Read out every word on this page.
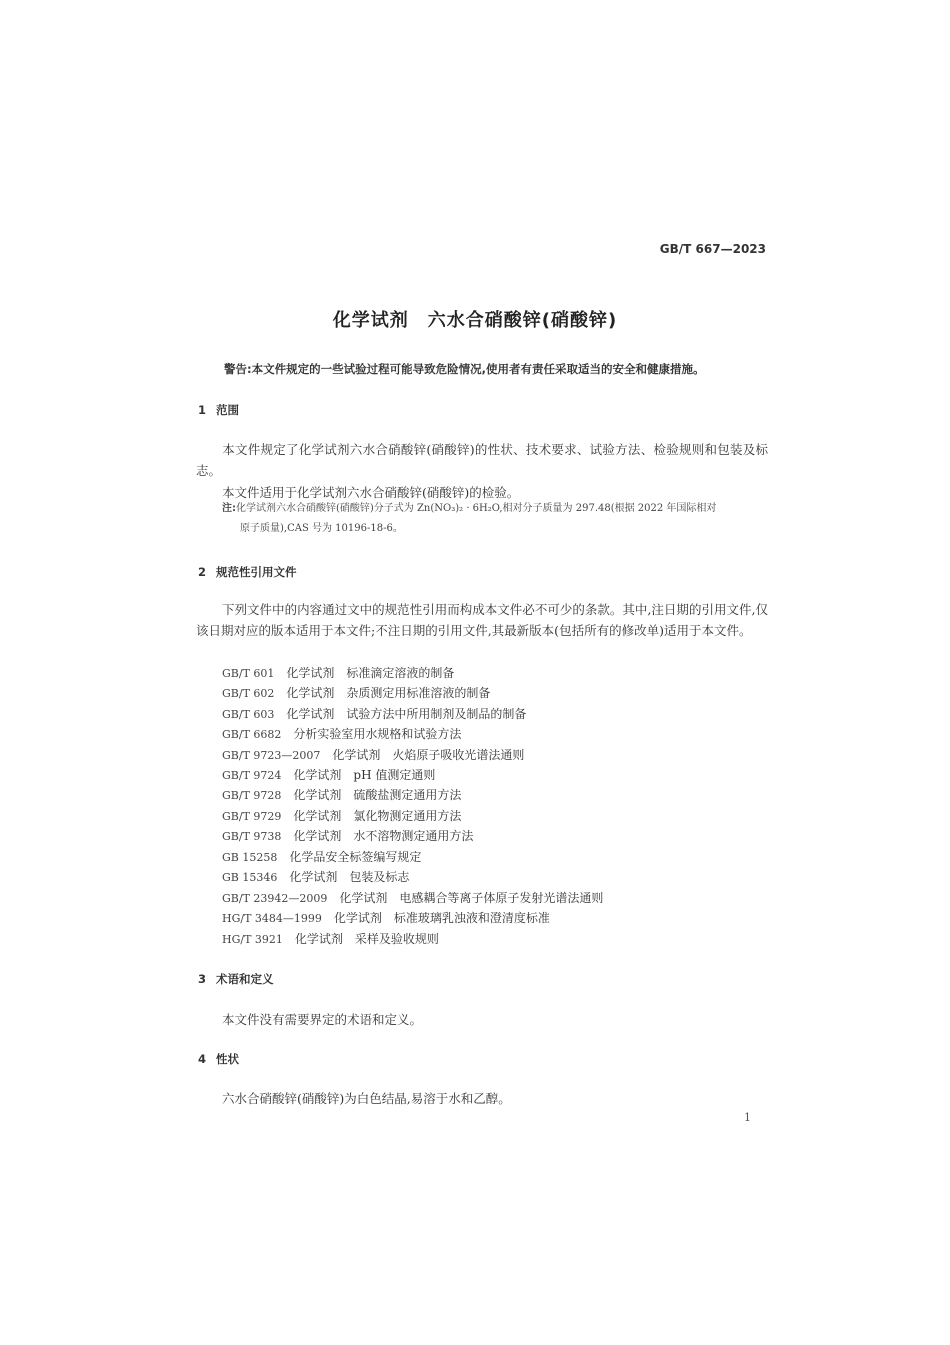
GB/T 667—2023
化学试剂　六水合硝酸锌(硝酸锌)
警告:本文件规定的一些试验过程可能导致危险情况,使用者有责任采取适当的安全和健康措施。
1 范围
本文件规定了化学试剂六水合硝酸锌(硝酸锌)的性状、技术要求、试验方法、检验规则和包装及标志。
本文件适用于化学试剂六水合硝酸锌(硝酸锌)的检验。
注:化学试剂六水合硝酸锌(硝酸锌)分子式为 Zn(NO₃)₂ · 6H₂O,相对分子质量为 297.48(根据 2022 年国际相对
原子质量),CAS 号为 10196-18-6。
2 规范性引用文件
下列文件中的内容通过文中的规范性引用而构成本文件必不可少的条款。其中,注日期的引用文件,仅该日期对应的版本适用于本文件;不注日期的引用文件,其最新版本(包括所有的修改单)适用于本文件。
GB/T 601 化学试剂　标准滴定溶液的制备
GB/T 602 化学试剂　杂质测定用标准溶液的制备
GB/T 603 化学试剂　试验方法中所用制剂及制品的制备
GB/T 6682 分析实验室用水规格和试验方法
GB/T 9723—2007 化学试剂　火焰原子吸收光谱法通则
GB/T 9724 化学试剂　pH 值测定通则
GB/T 9728 化学试剂　硫酸盐测定通用方法
GB/T 9729 化学试剂　氯化物测定通用方法
GB/T 9738 化学试剂　水不溶物测定通用方法
GB 15258 化学品安全标签编写规定
GB 15346 化学试剂　包装及标志
GB/T 23942—2009 化学试剂　电感耦合等离子体原子发射光谱法通则
HG/T 3484—1999 化学试剂　标准玻璃乳浊液和澄清度标准
HG/T 3921 化学试剂　采样及验收规则
3 术语和定义
本文件没有需要界定的术语和定义。
4 性状
六水合硝酸锌(硝酸锌)为白色结晶,易溶于水和乙醇。
1
